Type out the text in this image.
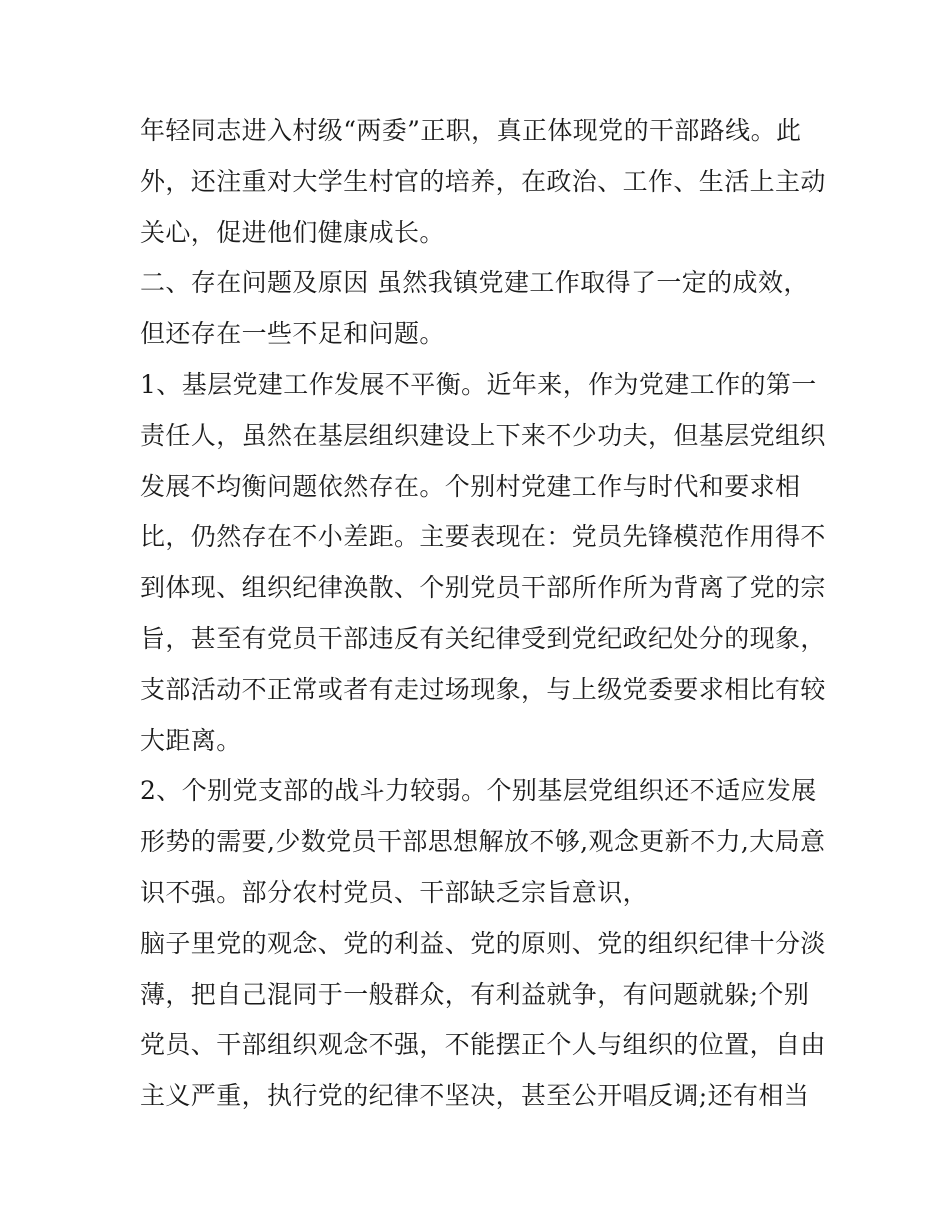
年轻同志进入村级“两委”正职，真正体现党的干部路线。此
外，还注重对大学生村官的培养，在政治、工作、生活上主动
关心，促进他们健康成长。
二、存在问题及原因 虽然我镇党建工作取得了一定的成效，
但还存在一些不足和问题。
1、基层党建工作发展不平衡。近年来，作为党建工作的第一
责任人，虽然在基层组织建设上下来不少功夫，但基层党组织
发展不均衡问题依然存在。个别村党建工作与时代和要求相
比，仍然存在不小差距。主要表现在：党员先锋模范作用得不
到体现、组织纪律涣散、个别党员干部所作所为背离了党的宗
旨，甚至有党员干部违反有关纪律受到党纪政纪处分的现象，
支部活动不正常或者有走过场现象，与上级党委要求相比有较
大距离。
2、个别党支部的战斗力较弱。个别基层党组织还不适应发展
形势的需要,少数党员干部思想解放不够,观念更新不力,大局意
识不强。部分农村党员、干部缺乏宗旨意识，
脑子里党的观念、党的利益、党的原则、党的组织纪律十分淡
薄，把自己混同于一般群众，有利益就争，有问题就躲;个别
党员、干部组织观念不强，不能摆正个人与组织的位置，自由
主义严重，执行党的纪律不坚决，甚至公开唱反调;还有相当
